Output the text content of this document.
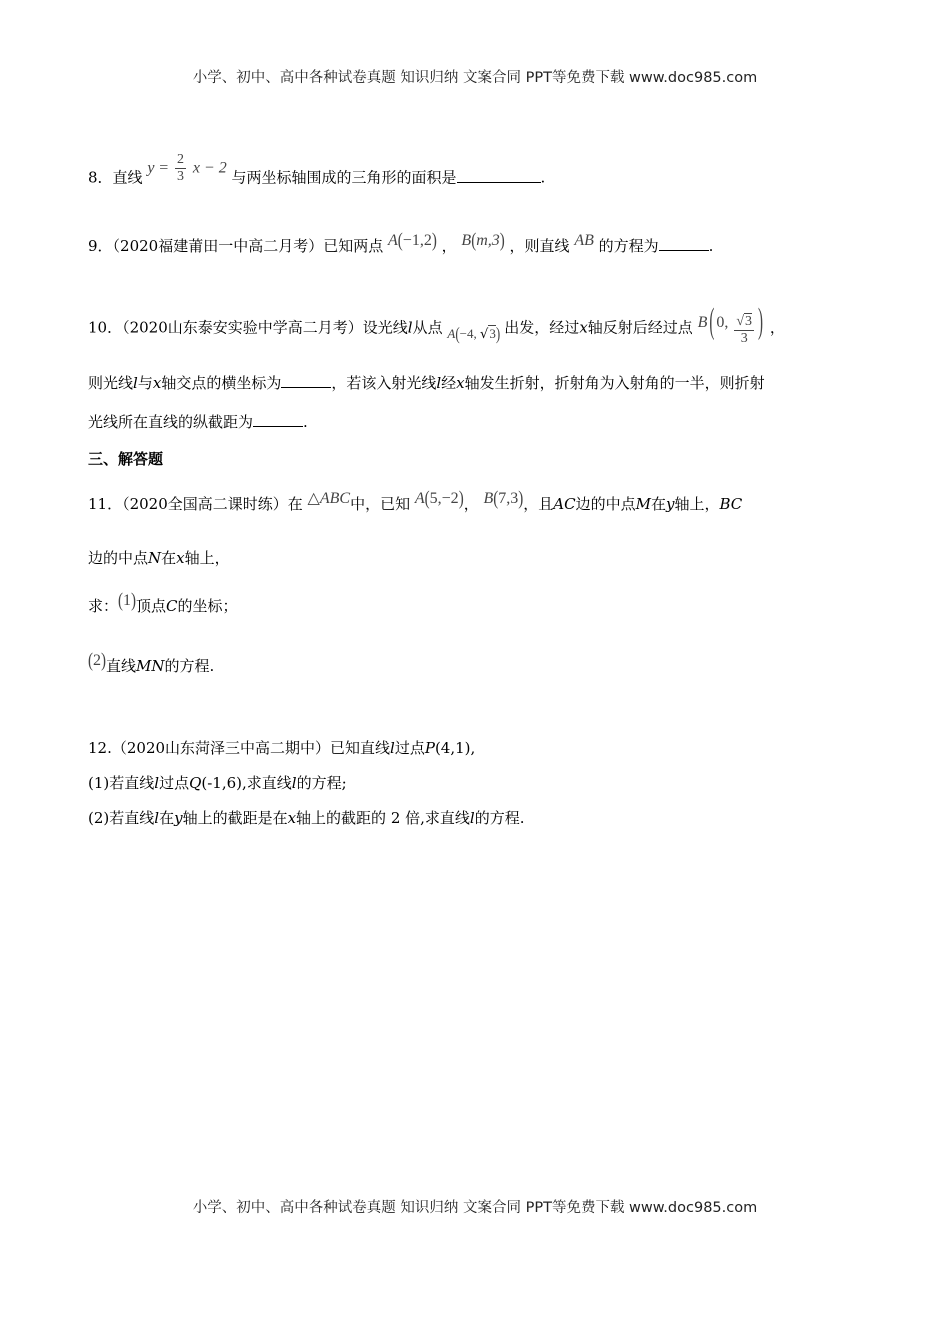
小学、初中、高中各种试卷真题 知识归纳 文案合同 PPT等免费下载 www.doc985.com
8．直线 $y = \frac{2}{3}$ x − 2 与两坐标轴围成的三角形的面积是	.
9．（2020福建莆田一中高二月考）已知两点 A(−1,2) ， B(m,3) ，则直线 AB 的方程为	.
10．（2020山东泰安实验中学高二月考）设光线l从点 A(−4, √3) 出发，经过x轴反射后经过点 B ( 0, $\frac{√3}{3}$ ) ，
则光线l与x轴交点的横坐标为	，若该入射光线l经x轴发生折射，折射角为入射角的一半，则折射
光线所在直线的纵截距为	.
三、解答题
11．（2020全国高二课时练）在 △ABC中，已知 A(5,−2)， B(7,3)，且AC边的中点M在y轴上，BC
边的中点N在x轴上，
求：(1)顶点C的坐标；
(2)直线MN的方程.
12.（2020山东菏泽三中高二期中）已知直线l过点P(4,1),
(1)若直线l过点Q(-1,6),求直线l的方程;
(2)若直线l在y轴上的截距是在x轴上的截距的 2 倍,求直线l的方程.
小学、初中、高中各种试卷真题 知识归纳 文案合同 PPT等免费下载 www.doc985.com
